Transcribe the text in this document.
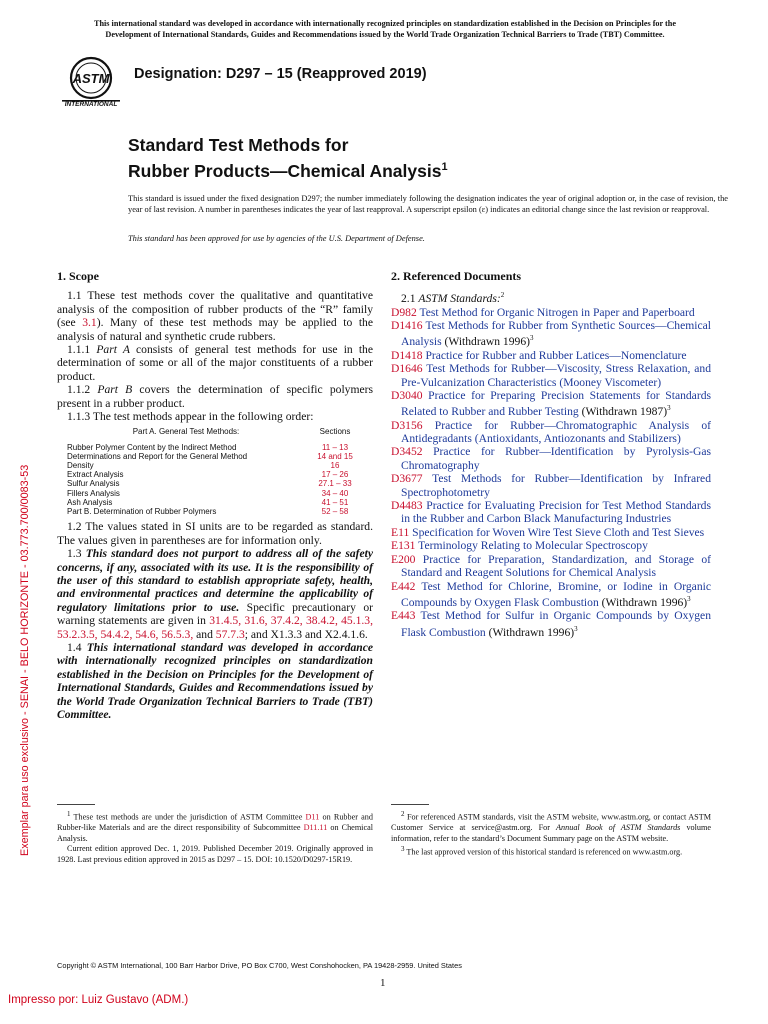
This international standard was developed in accordance with internationally recognized principles on standardization established in the Decision on Principles for the
Development of International Standards, Guides and Recommendations issued by the World Trade Organization Technical Barriers to Trade (TBT) Committee.
ASTM
INTERNATIONAL
Designation: D297 – 15 (Reapproved 2019)
Standard Test Methods for
Rubber Products—Chemical Analysis$^1$
This standard is issued under the fixed designation D297; the number immediately following the designation indicates the year of original adoption or, in the case of revision, the year of last revision. A number in parentheses indicates the year of last reapproval. A superscript epsilon (ε) indicates an editorial change since the last revision or reapproval.
This standard has been approved for use by agencies of the U.S. Department of Defense.
1. Scope

1.1 These test methods cover the qualitative and quantitative analysis of the composition of rubber products of the “R” family (see 3.1). Many of these test methods may be applied to the analysis of natural and synthetic crude rubbers.

1.1.1 Part A consists of general test methods for use in the determination of some or all of the major constituents of a rubber product.

1.1.2 Part B covers the determination of specific polymers present in a rubber product.

1.1.3 The test methods appear in the following order:

Part A. General Test Methods:	Sections
Rubber Polymer Content by the Indirect Method	11 – 13
Determinations and Report for the General Method	14 and 15
Density	16
Extract Analysis	17 – 26
Sulfur Analysis	27.1 – 33
Fillers Analysis	34 – 40
Ash Analysis	41 – 51
Part B. Determination of Rubber Polymers	52 – 58

1.2 The values stated in SI units are to be regarded as standard. The values given in parentheses are for information only.

1.3 This standard does not purport to address all of the safety concerns, if any, associated with its use. It is the responsibility of the user of this standard to establish appropriate safety, health, and environmental practices and determine the applicability of regulatory limitations prior to use. Specific precautionary or warning statements are given in 31.4.5, 31.6, 37.4.2, 38.4.2, 45.1.3, 53.2.3.5, 54.4.2, 54.6, 56.5.3, and 57.7.3; and X1.3.3 and X2.4.1.6.

1.4 This international standard was developed in accordance with internationally recognized principles on standardization established in the Decision on Principles for the Development of International Standards, Guides and Recommendations issued by the World Trade Organization Technical Barriers to Trade (TBT) Committee.

2. Referenced Documents

2.1 ASTM Standards:$^2$

D982 Test Method for Organic Nitrogen in Paper and Paperboard

D1416 Test Methods for Rubber from Synthetic Sources—Chemical Analysis (Withdrawn 1996)$^3$

D1418 Practice for Rubber and Rubber Latices—Nomenclature

D1646 Test Methods for Rubber—Viscosity, Stress Relaxation, and Pre-Vulcanization Characteristics (Mooney Viscometer)

D3040 Practice for Preparing Precision Statements for Standards Related to Rubber and Rubber Testing (Withdrawn 1987)$^3$

D3156 Practice for Rubber—Chromatographic Analysis of Antidegradants (Antioxidants, Antiozonants and Stabilizers)

D3452 Practice for Rubber—Identification by Pyrolysis-Gas Chromatography

D3677 Test Methods for Rubber—Identification by Infrared Spectrophotometry

D4483 Practice for Evaluating Precision for Test Method Standards in the Rubber and Carbon Black Manufacturing Industries

E11 Specification for Woven Wire Test Sieve Cloth and Test Sieves

E131 Terminology Relating to Molecular Spectroscopy

E200 Practice for Preparation, Standardization, and Storage of Standard and Reagent Solutions for Chemical Analysis

E442 Test Method for Chlorine, Bromine, or Iodine in Organic Compounds by Oxygen Flask Combustion (Withdrawn 1996)$^3$

E443 Test Method for Sulfur in Organic Compounds by Oxygen Flask Combustion (Withdrawn 1996)$^3$

$^1$ These test methods are under the jurisdiction of ASTM Committee D11 on Rubber and Rubber-like Materials and are the direct responsibility of Subcommittee D11.11 on Chemical Analysis.

Current edition approved Dec. 1, 2019. Published December 2019. Originally approved in 1928. Last previous edition approved in 2015 as D297 – 15. DOI: 10.1520/D0297-15R19.

$^2$ For referenced ASTM standards, visit the ASTM website, www.astm.org, or contact ASTM Customer Service at service@astm.org. For Annual Book of ASTM Standards volume information, refer to the standard’s Document Summary page on the ASTM website.

$^3$ The last approved version of this historical standard is referenced on www.astm.org.

Copyright © ASTM International, 100 Barr Harbor Drive, PO Box C700, West Conshohocken, PA 19428-2959. United States
1
Impresso por: Luiz Gustavo (ADM.)
Exemplar para uso exclusivo - SENAI - BELO HORIZONTE - 03.773.700/0083-53
